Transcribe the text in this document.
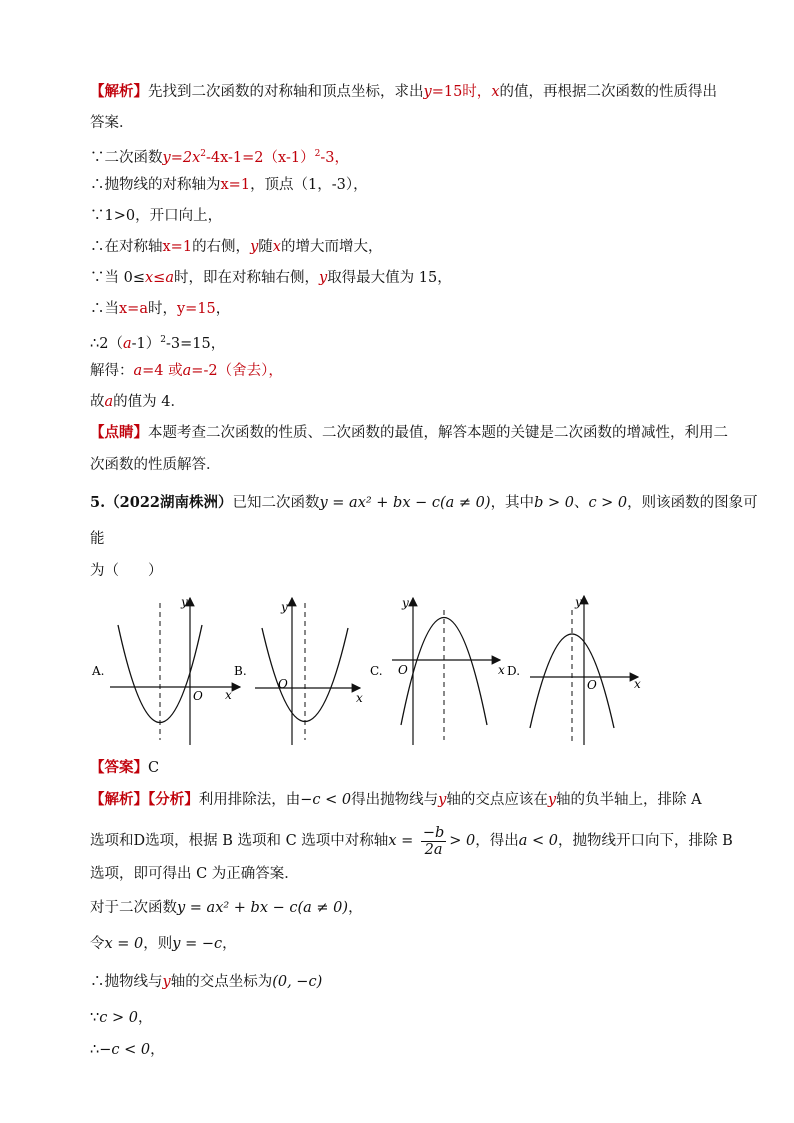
【解析】先找到二次函数的对称轴和顶点坐标，求出y=15时，x的值，再根据二次函数的性质得出
答案．
∵二次函数$y=2x^2-4x-1=2(x-1)^2-3$，
∴抛物线的对称轴为x=1，顶点（1，-3），
∵1>0，开口向上，
∴在对称轴x=1的右侧，y随x的增大而增大，
∵当 0≤x≤a时，即在对称轴右侧，y取得最大值为 15，
∴当x=a时，y=15，
$\therefore 2(a-1)^2-3=15$，
解得：a=4 或a=-2（舍去），
故a的值为 4．
【点睛】本题考查二次函数的性质、二次函数的最值，解答本题的关键是二次函数的增减性，利用二
次函数的性质解答．
5.（2022湖南株洲）已知二次函数y = ax² + bx − c(a ≠ 0)，其中b > 0、c > 0，则该函数的图象可
能
为（　　）
A.
y
x
O
B.
y
x
O
C.
y
x
O	D.
y
x
O
【答案】C
【解析】【分析】利用排除法，由−c < 0得出抛物线与y轴的交点应该在y轴的负半轴上，排除 A
选项和D选项，根据 B 选项和 C 选项中对称轴$x = \frac{-b}{2a} > 0$，得出a < 0，抛物线开口向下，排除 B
选项，即可得出 C 为正确答案．
对于二次函数y = ax² + bx − c(a ≠ 0)，
令x = 0，则y = −c，
∴抛物线与y轴的交点坐标为(0, −c)
∵c > 0，
∴−c < 0，
